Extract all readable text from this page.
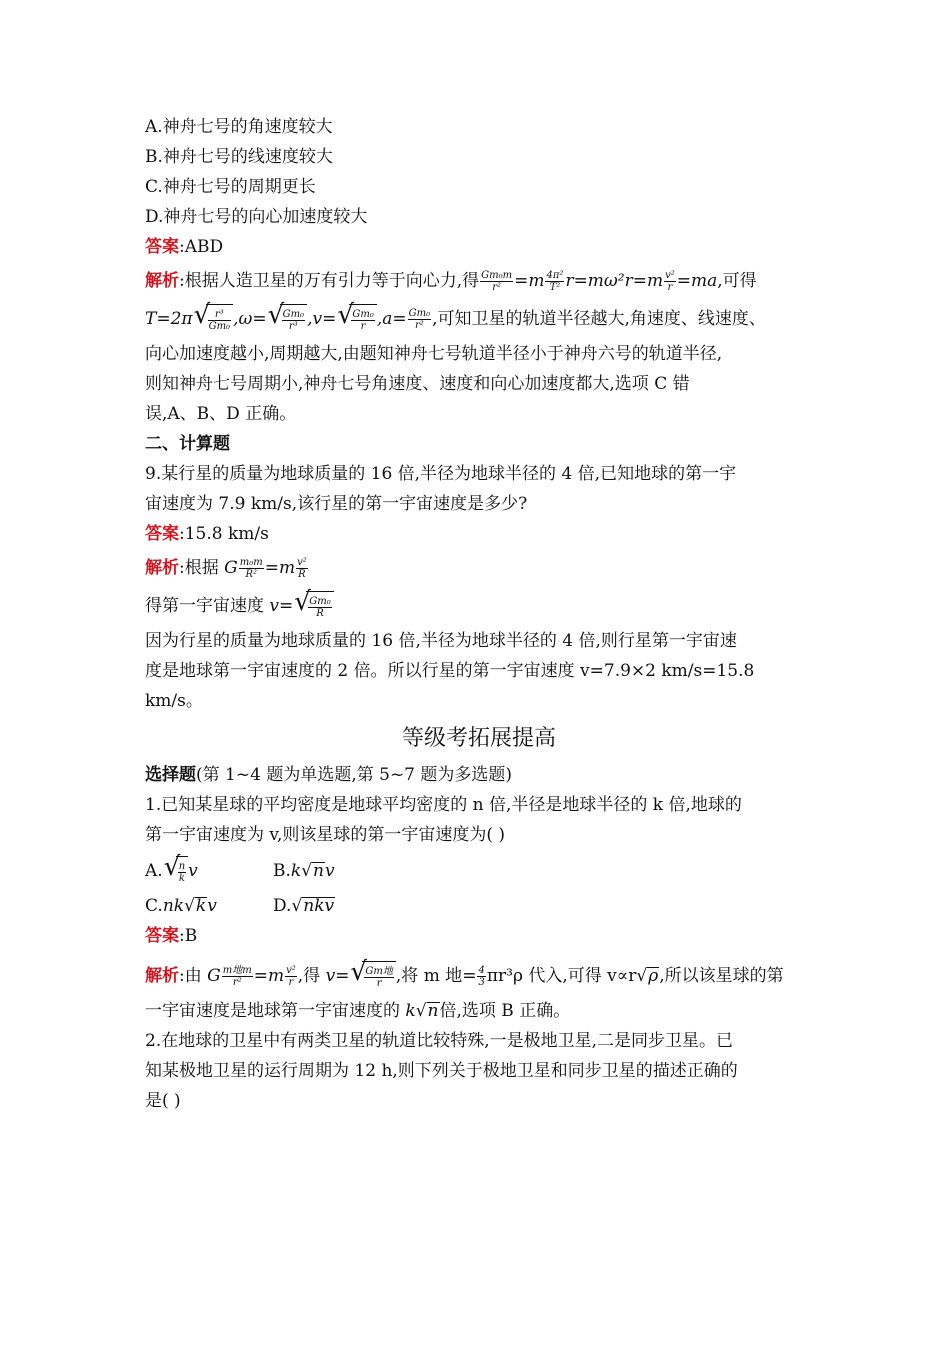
A.神舟七号的角速度较大
B.神舟七号的线速度较大
C.神舟七号的周期更长
D.神舟七号的向心加速度较大
答案:ABD
解析:根据人造卫星的万有引力等于向心力,得 $\frac{\text{Gm₀m}}{\text{r²}} =m \frac{\text{4π²}}{\text{T²}} r=m\omega^2r=m \frac{\text{v²}}{r} =ma$,可得
T=2π √ $\frac{\text{r³}}{\text{Gm₀}} ,\omega=$ √ $\frac{\text{Gm₀}}{\text{r³}} ,v=$ √ $\frac{\text{Gm₀}}{r} ,a= \frac{\text{Gm₀}}{\text{r²}}$ ,可知卫星的轨道半径越大,角速度、线速度、
向心加速度越小,周期越大,由题知神舟七号轨道半径小于神舟六号的轨道半径,
则知神舟七号周期小,神舟七号角速度、速度和向心加速度都大,选项 C 错
误,A、B、D 正确。
二、计算题
9.某行星的质量为地球质量的 16 倍,半径为地球半径的 4 倍,已知地球的第一宇
宙速度为 7.9 km/s,该行星的第一宇宙速度是多少?
答案:15.8 km/s
解析:根据 G $\frac{\text{m₀m}}{\text{R²}} =m \frac{\text{v²}}{R}$
得第一宇宙速度 v= √ $\frac{\text{Gm₀}}{R}$
因为行星的质量为地球质量的 16 倍,半径为地球半径的 4 倍,则行星第一宇宙速
度是地球第一宇宙速度的 2 倍。所以行星的第一宇宙速度 v=7.9×2 km/s=15.8
km/s。
等级考拓展提高
选择题(第 1~4 题为单选题,第 5~7 题为多选题)
1.已知某星球的平均密度是地球平均密度的 n 倍,半径是地球半径的 k 倍,地球的
第一宇宙速度为 v,则该星球的第一宇宙速度为( )
A. √ $\frac{n}{k}$ v	B.k√nv
C.nk√kv	D.√nkv
答案:B
解析:由 G $\frac{\text{m地m}}{\text{r²}} =m \frac{\text{v²}}{r}$ ,得 v= √ $\frac{\text{Gm地}}{r}$ ,将 m 地= $\frac{4}{3} \pi r^3\rho$ 代入,可得 v∝r√ρ,所以该星球的第
一宇宙速度是地球第一宇宙速度的 k√n倍,选项 B 正确。
2.在地球的卫星中有两类卫星的轨道比较特殊,一是极地卫星,二是同步卫星。已
知某极地卫星的运行周期为 12 h,则下列关于极地卫星和同步卫星的描述正确的
是( )
